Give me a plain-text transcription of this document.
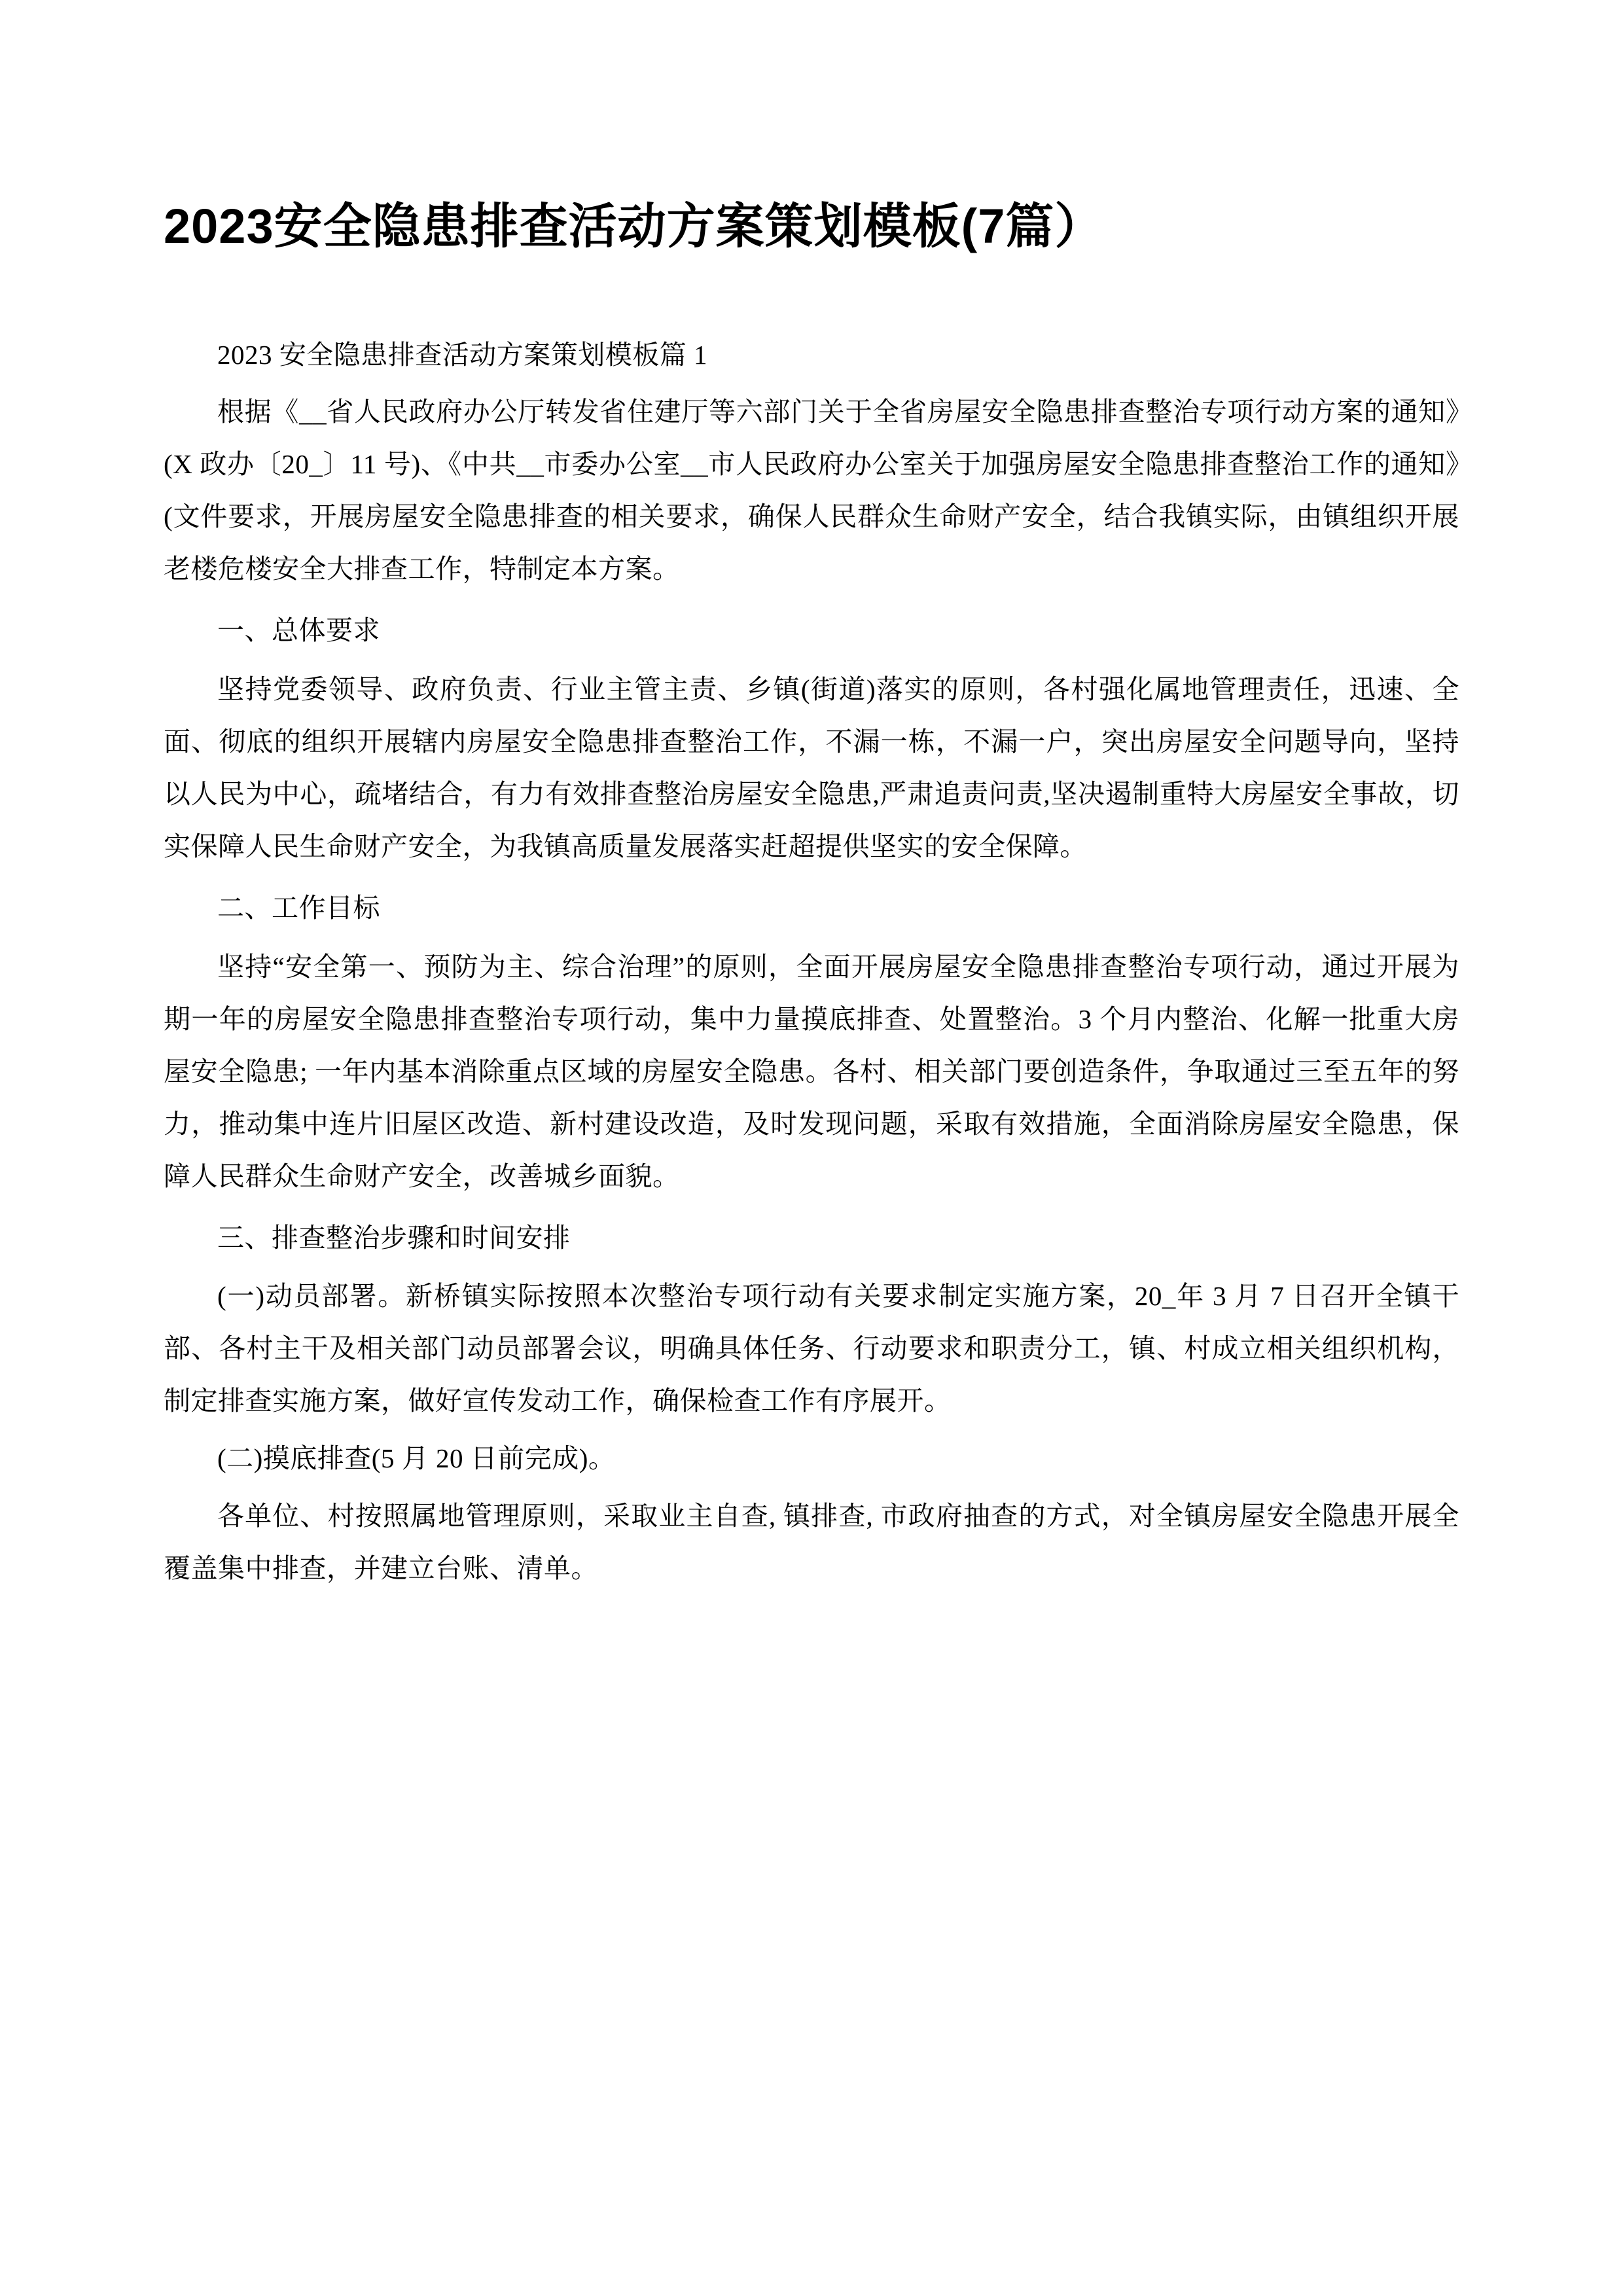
2023安全隐患排查活动方案策划模板(7篇）

2023 安全隐患排查活动方案策划模板篇 1

根据《__省人民政府办公厅转发省住建厅等六部门关于全省房屋安全隐患排查整治专项行动方案的通知》(X 政办〔20_〕11 号)、《中共__市委办公室__市人民政府办公室关于加强房屋安全隐患排查整治工作的通知》(文件要求，开展房屋安全隐患排查的相关要求，确保人民群众生命财产安全，结合我镇实际，由镇组织开展老楼危楼安全大排查工作，特制定本方案。

一、总体要求

坚持党委领导、政府负责、行业主管主责、乡镇(街道)落实的原则，各村强化属地管理责任，迅速、全面、彻底的组织开展辖内房屋安全隐患排查整治工作，不漏一栋，不漏一户，突出房屋安全问题导向，坚持以人民为中心，疏堵结合，有力有效排查整治房屋安全隐患,严肃追责问责,坚决遏制重特大房屋安全事故，切实保障人民生命财产安全，为我镇高质量发展落实赶超提供坚实的安全保障。

二、工作目标

坚持“安全第一、预防为主、综合治理”的原则，全面开展房屋安全隐患排查整治专项行动，通过开展为期一年的房屋安全隐患排查整治专项行动，集中力量摸底排查、处置整治。3 个月内整治、化解一批重大房屋安全隐患; 一年内基本消除重点区域的房屋安全隐患。各村、相关部门要创造条件，争取通过三至五年的努力，推动集中连片旧屋区改造、新村建设改造，及时发现问题，采取有效措施，全面消除房屋安全隐患，保障人民群众生命财产安全，改善城乡面貌。

三、排查整治步骤和时间安排

(一)动员部署。新桥镇实际按照本次整治专项行动有关要求制定实施方案，20_年 3 月 7 日召开全镇干部、各村主干及相关部门动员部署会议，明确具体任务、行动要求和职责分工，镇、村成立相关组织机构，制定排查实施方案，做好宣传发动工作，确保检查工作有序展开。

(二)摸底排查(5 月 20 日前完成)。

各单位、村按照属地管理原则，采取业主自查, 镇排查, 市政府抽查的方式，对全镇房屋安全隐患开展全覆盖集中排查，并建立台账、清单。
